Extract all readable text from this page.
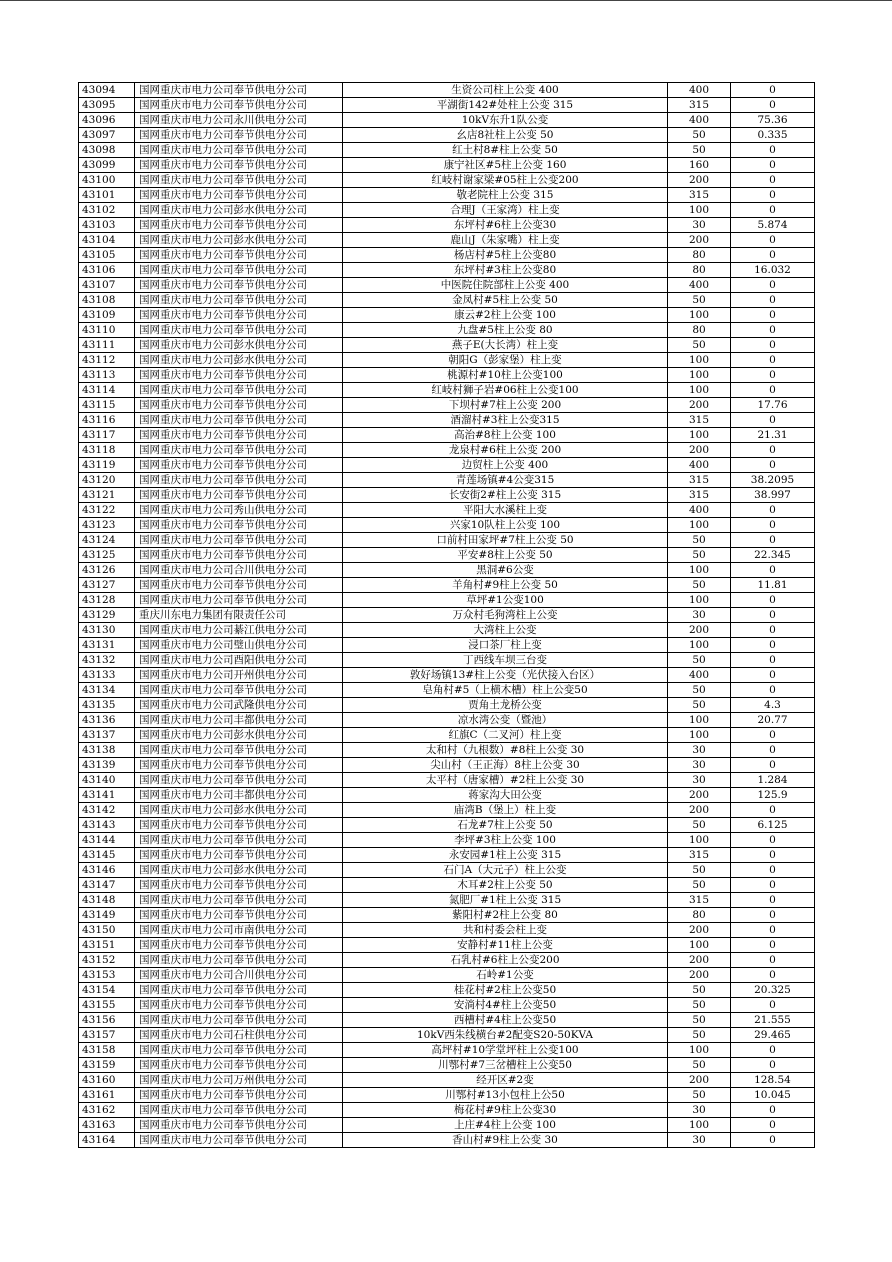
43094	国网重庆市电力公司奉节供电分公司	生资公司柱上公变 400	400	0
43095	国网重庆市电力公司奉节供电分公司	平湖街142#处柱上公变 315	315	0
43096	国网重庆市电力公司永川供电分公司	10kV东升1队公变	400	75.36
43097	国网重庆市电力公司奉节供电分公司	幺店8社柱上公变 50	50	0.335
43098	国网重庆市电力公司奉节供电分公司	红土村8#柱上公变 50	50	0
43099	国网重庆市电力公司奉节供电分公司	康宁社区#5柱上公变 160	160	0
43100	国网重庆市电力公司奉节供电分公司	红岐村谢家梁#05柱上公变200	200	0
43101	国网重庆市电力公司奉节供电分公司	敬老院柱上公变 315	315	0
43102	国网重庆市电力公司彭水供电分公司	合理J（王家湾）柱上变	100	0
43103	国网重庆市电力公司奉节供电分公司	东坪村#6柱上公变30	30	5.874
43104	国网重庆市电力公司彭水供电分公司	鹿山J（朱家嘴）柱上变	200	0
43105	国网重庆市电力公司奉节供电分公司	杨店村#5柱上公变80	80	0
43106	国网重庆市电力公司奉节供电分公司	东坪村#3柱上公变80	80	16.032
43107	国网重庆市电力公司奉节供电分公司	中医院住院部柱上公变 400	400	0
43108	国网重庆市电力公司奉节供电分公司	金凤村#5柱上公变 50	50	0
43109	国网重庆市电力公司奉节供电分公司	康云#2柱上公变 100	100	0
43110	国网重庆市电力公司奉节供电分公司	九盘#5柱上公变 80	80	0
43111	国网重庆市电力公司彭水供电分公司	燕子E(大长湾）柱上变	50	0
43112	国网重庆市电力公司彭水供电分公司	朝阳G（彭家堡）柱上变	100	0
43113	国网重庆市电力公司奉节供电分公司	桃源村#10柱上公变100	100	0
43114	国网重庆市电力公司奉节供电分公司	红岐村狮子岩#06柱上公变100	100	0
43115	国网重庆市电力公司奉节供电分公司	下坝村#7柱上公变 200	200	17.76
43116	国网重庆市电力公司奉节供电分公司	酒溜村#3柱上公变315	315	0
43117	国网重庆市电力公司奉节供电分公司	高治#8柱上公变 100	100	21.31
43118	国网重庆市电力公司奉节供电分公司	龙泉村#6柱上公变 200	200	0
43119	国网重庆市电力公司奉节供电分公司	边贸柱上公变 400	400	0
43120	国网重庆市电力公司奉节供电分公司	青莲场镇#4公变315	315	38.2095
43121	国网重庆市电力公司奉节供电分公司	长安街2#柱上公变 315	315	38.997
43122	国网重庆市电力公司秀山供电分公司	平阳大水溪柱上变	400	0
43123	国网重庆市电力公司奉节供电分公司	兴家10队柱上公变 100	100	0
43124	国网重庆市电力公司奉节供电分公司	口前村田家坪#7柱上公变 50	50	0
43125	国网重庆市电力公司奉节供电分公司	平安#8柱上公变 50	50	22.345
43126	国网重庆市电力公司合川供电分公司	黑洞#6公变	100	0
43127	国网重庆市电力公司奉节供电分公司	羊角村#9柱上公变 50	50	11.81
43128	国网重庆市电力公司奉节供电分公司	草坪#1公变100	100	0
43129	重庆川东电力集团有限责任公司	万众村毛狗湾柱上公变	30	0
43130	国网重庆市电力公司綦江供电分公司	大湾柱上公变	200	0
43131	国网重庆市电力公司璧山供电分公司	浸口茶厂柱上变	100	0
43132	国网重庆市电力公司酉阳供电分公司	丁西线车坝三台变	50	0
43133	国网重庆市电力公司开州供电分公司	敦好场镇13#柱上公变（光伏接入台区）	400	0
43134	国网重庆市电力公司奉节供电分公司	皂角村#5（上横木槽）柱上公变50	50	0
43135	国网重庆市电力公司武隆供电分公司	贾角土龙桥公变	50	4.3
43136	国网重庆市电力公司丰都供电分公司	凉水湾公变（暨池）	100	20.77
43137	国网重庆市电力公司彭水供电分公司	红旗C（二叉河）柱上变	100	0
43138	国网重庆市电力公司奉节供电分公司	太和村（九根数）#8柱上公变 30	30	0
43139	国网重庆市电力公司奉节供电分公司	尖山村（王正海）8柱上公变 30	30	0
43140	国网重庆市电力公司奉节供电分公司	太平村（唐家槽）#2柱上公变 30	30	1.284
43141	国网重庆市电力公司丰都供电分公司	蒋家沟大田公变	200	125.9
43142	国网重庆市电力公司彭水供电分公司	庙湾B（堡上）柱上变	200	0
43143	国网重庆市电力公司奉节供电分公司	石龙#7柱上公变 50	50	6.125
43144	国网重庆市电力公司奉节供电分公司	李坪#3柱上公变 100	100	0
43145	国网重庆市电力公司奉节供电分公司	永安园#1柱上公变 315	315	0
43146	国网重庆市电力公司彭水供电分公司	石门A（大元子）柱上公变	50	0
43147	国网重庆市电力公司奉节供电分公司	木耳#2柱上公变 50	50	0
43148	国网重庆市电力公司奉节供电分公司	氮肥厂#1柱上公变 315	315	0
43149	国网重庆市电力公司奉节供电分公司	紫阳村#2柱上公变 80	80	0
43150	国网重庆市电力公司市南供电分公司	共和村委会柱上变	200	0
43151	国网重庆市电力公司奉节供电分公司	安静村#11柱上公变	100	0
43152	国网重庆市电力公司奉节供电分公司	石乳村#6柱上公变200	200	0
43153	国网重庆市电力公司合川供电分公司	石岭#1公变	200	0
43154	国网重庆市电力公司奉节供电分公司	桂花村#2柱上公变50	50	20.325
43155	国网重庆市电力公司奉节供电分公司	安淌村4#柱上公变50	50	0
43156	国网重庆市电力公司奉节供电分公司	西槽村#4柱上公变50	50	21.555
43157	国网重庆市电力公司石柱供电分公司	10kV西朱线横台#2配变S20-50KVA	50	29.465
43158	国网重庆市电力公司奉节供电分公司	高坪村#10学堂坪柱上公变100	100	0
43159	国网重庆市电力公司奉节供电分公司	川鄂村#7三岔槽柱上公变50	50	0
43160	国网重庆市电力公司万州供电分公司	经开区#2变	200	128.54
43161	国网重庆市电力公司奉节供电分公司	川鄂村#13小包柱上公50	50	10.045
43162	国网重庆市电力公司奉节供电分公司	梅花村#9柱上公变30	30	0
43163	国网重庆市电力公司奉节供电分公司	上庄#4柱上公变 100	100	0
43164	国网重庆市电力公司奉节供电分公司	香山村#9柱上公变 30	30	0
